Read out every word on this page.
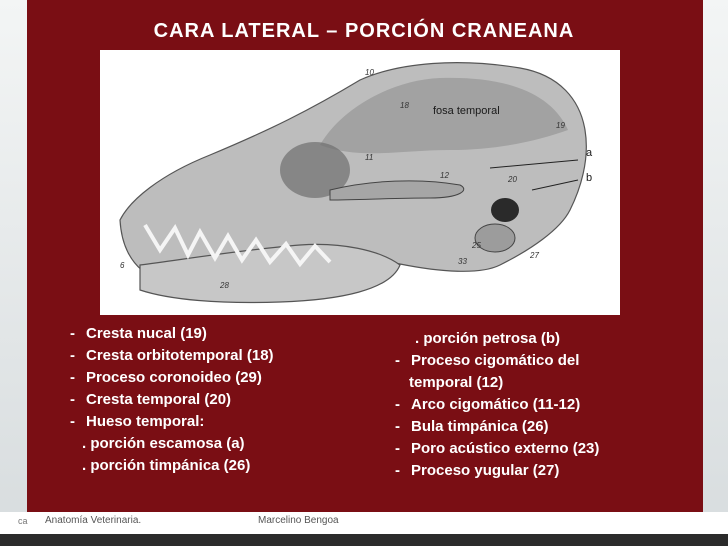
CARA LATERAL – PORCIÓN CRANEANA
10
18
19
11
12	20
25
33
27
28
6
fosa temporal
a
b
- Cresta nucal (19)
- Cresta orbitotemporal (18)
- Proceso coronoideo (29)
- Cresta temporal (20)
- Hueso temporal:
. porción escamosa (a)
. porción timpánica (26)
. porción petrosa (b)
- Proceso cigomático del
temporal (12)
- Arco cigomático (11-12)
- Bula timpánica (26)
- Poro acústico externo (23)
- Proceso yugular (27)
ca Anatomía Veterinaria.	Marcelino Bengoa
